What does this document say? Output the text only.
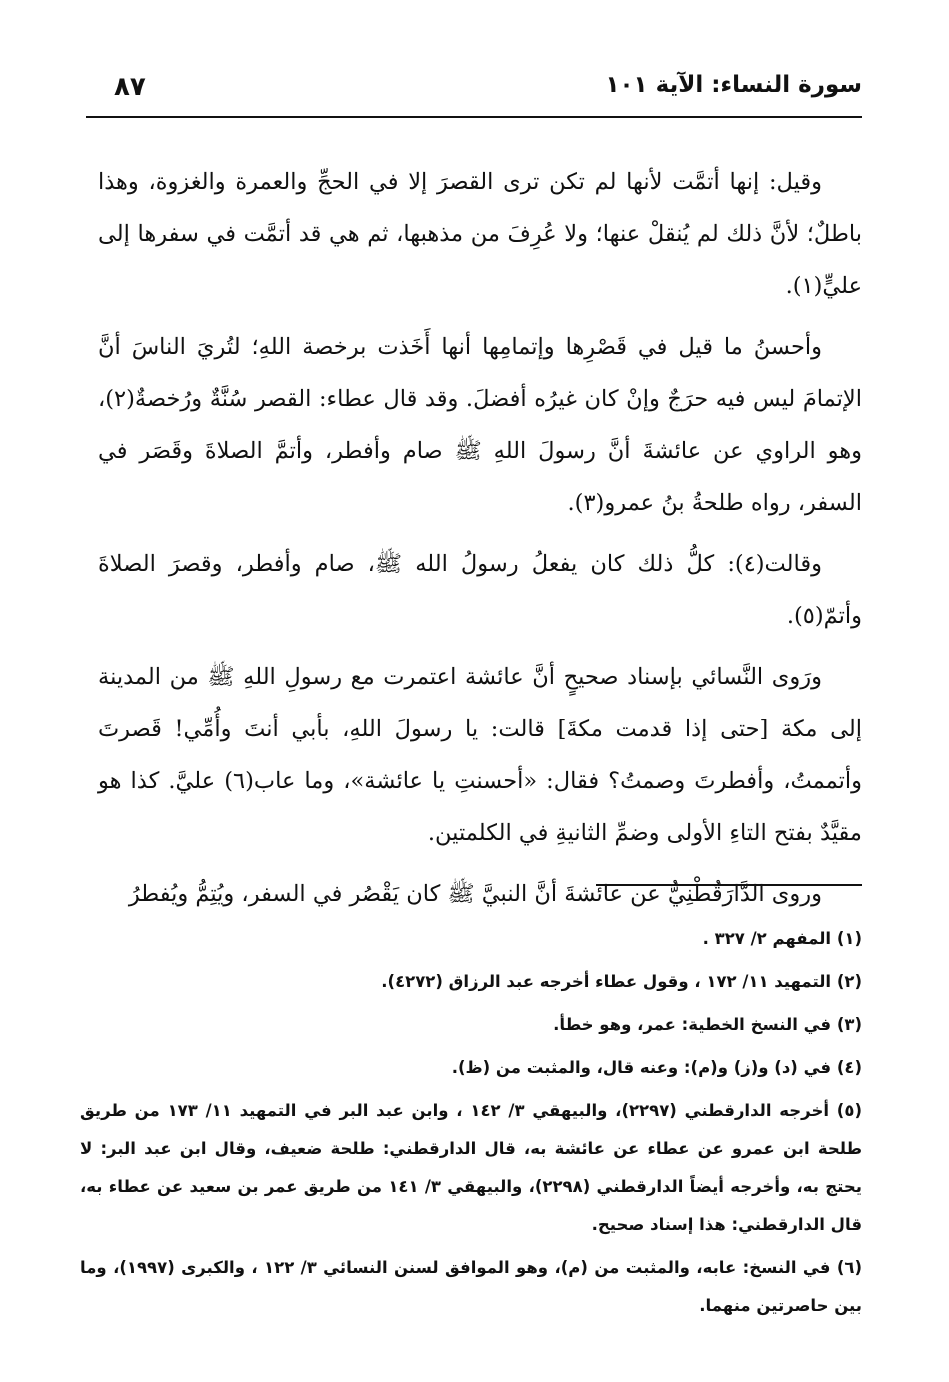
سورة النساء: الآية ١٠١
٨٧

وقيل: إنها أتمَّت لأنها لم تكن ترى القصرَ إلا في الحجِّ والعمرة والغزوة، وهذا باطلٌ؛ لأنَّ ذلك لم يُنقلْ عنها؛ ولا عُرِفَ من مذهبها، ثم هي قد أتمَّت في سفرها إلى عليٍّ(١).

وأحسنُ ما قيل في قَصْرِها وإتمامِها أنها أَخَذت برخصة اللهِ؛ لتُريَ الناسَ أنَّ الإتمامَ ليس فيه حرَجٌ وإنْ كان غيرُه أفضلَ. وقد قال عطاء: القصر سُنَّةٌ ورُخصةٌ(٢)، وهو الراوي عن عائشةَ أنَّ رسولَ اللهِ ﷺ صام وأفطر، وأتمَّ الصلاةَ وقَصَر في السفر، رواه طلحةُ بنُ عمرو(٣).

وقالت(٤): كلُّ ذلك كان يفعلُ رسولُ الله ﷺ، صام وأفطر، وقصرَ الصلاةَ وأتمّ(٥).

ورَوى النَّسائي بإسناد صحيحٍ أنَّ عائشة اعتمرت مع رسولِ اللهِ ﷺ من المدينة إلى مكة [حتى إذا قدمت مكةَ] قالت: يا رسولَ اللهِ، بأبي أنتَ وأُمِّي! قَصرتَ وأتممتُ، وأفطرتَ وصمتُ؟ فقال: «أحسنتِ يا عائشة»، وما عاب(٦) عليَّ. كذا هو مقيَّدٌ بفتح التاءِ الأولى وضمِّ الثانيةِ في الكلمتين.

وروى الدَّارَقُطْنِيُّ عن عائشةَ أنَّ النبيَّ ﷺ كان يَقْصُر في السفر، ويُتِمُّ ويُفطرُ

(١) المفهم ٢/ ٣٢٧ .

(٢) التمهيد ١١/ ١٧٢ ، وقول عطاء أخرجه عبد الرزاق (٤٢٧٢).

(٣) في النسخ الخطية: عمر، وهو خطأ.

(٤) في (د) و(ز) و(م): وعنه قال، والمثبت من (ظ).

(٥) أخرجه الدارقطني (٢٢٩٧)، والبيهقي ٣/ ١٤٢ ، وابن عبد البر في التمهيد ١١/ ١٧٣ من طريق طلحة ابن عمرو عن عطاء عن عائشة به، قال الدارقطني: طلحة ضعيف، وقال ابن عبد البر: لا يحتج به، وأخرجه أيضاً الدارقطني (٢٢٩٨)، والبيهقي ٣/ ١٤١ من طريق عمر بن سعيد عن عطاء به، قال الدارقطني: هذا إسناد صحيح.

(٦) في النسخ: عابه، والمثبت من (م)، وهو الموافق لسنن النسائي ٣/ ١٢٢ ، والكبرى (١٩٩٧)، وما بين حاصرتين منهما.
